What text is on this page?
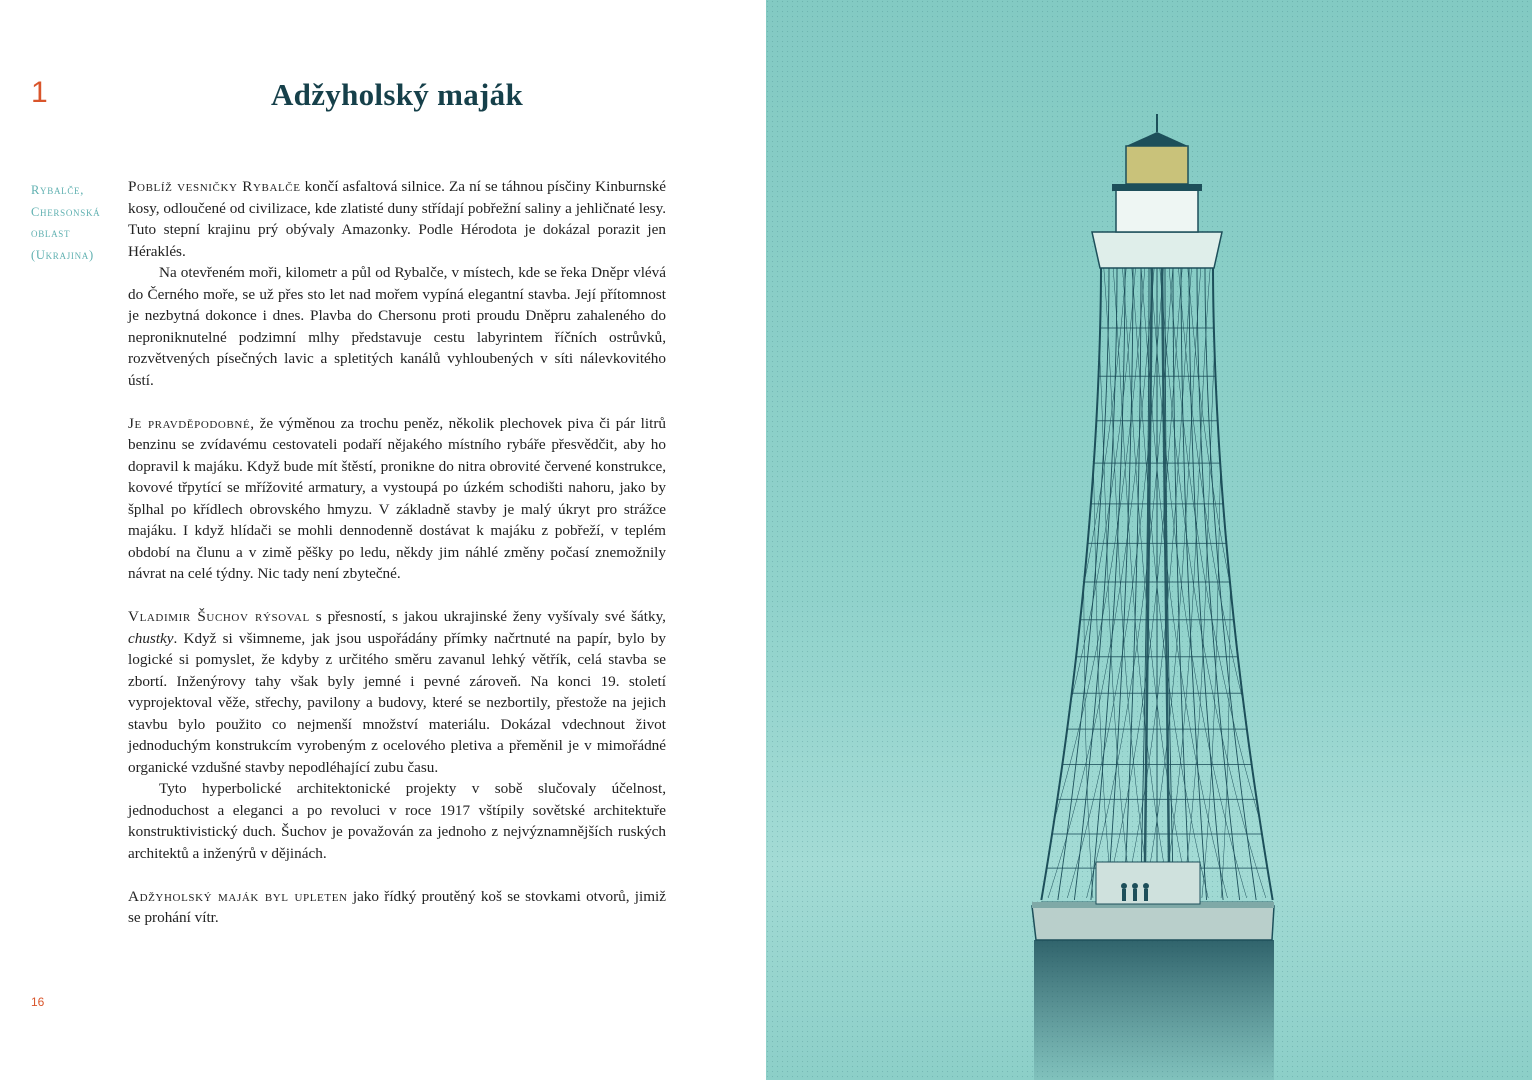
1	Adžyholský maják
Rybalče,
Chersonská
oblast
(Ukrajina)

Poblíž vesničky Rybalče končí asfaltová silnice. Za ní se táhnou písčiny Kinburnské kosy, odloučené od civilizace, kde zlatisté duny střídají pobřežní saliny a jehličnaté lesy. Tuto stepní krajinu prý obývaly Amazonky. Podle Hérodota je dokázal porazit jen Héraklés.

Na otevřeném moři, kilometr a půl od Rybalče, v místech, kde se řeka Dněpr vlévá do Černého moře, se už přes sto let nad mořem vypíná elegantní stavba. Její přítomnost je nezbytná dokonce i dnes. Plavba do Chersonu proti proudu Dněpru zahaleného do neproniknutelné podzimní mlhy představuje cestu labyrintem říčních ostrůvků, rozvětvených písečných lavic a spletitých kanálů vyhloubených v síti nálevkovitého ústí.

Je pravděpodobné, že výměnou za trochu peněz, několik plechovek piva či pár litrů benzinu se zvídavému cestovateli podaří nějakého místního rybáře přesvědčit, aby ho dopravil k majáku. Když bude mít štěstí, pronikne do nitra obrovité červené konstrukce, kovové třpytící se mřížovité armatury, a vystoupá po úzkém schodišti nahoru, jako by šplhal po křídlech obrovského hmyzu. V základně stavby je malý úkryt pro strážce majáku. I když hlídači se mohli dennodenně dostávat k majáku z pobřeží, v teplém období na člunu a v zimě pěšky po ledu, někdy jim náhlé změny počasí znemožnily návrat na celé týdny. Nic tady není zbytečné.

Vladimir Šuchov rýsoval s přesností, s jakou ukrajinské ženy vyšívaly své šátky, chustky. Když si všimneme, jak jsou uspořádány přímky načrtnuté na papír, bylo by logické si pomyslet, že kdyby z určitého směru zavanul lehký větřík, celá stavba se zbortí. Inženýrovy tahy však byly jemné i pevné zároveň. Na konci 19. století vyprojektoval věže, střechy, pavilony a budovy, které se nezbortily, přestože na jejich stavbu bylo použito co nejmenší množství materiálu. Dokázal vdechnout život jednoduchým konstrukcím vyrobeným z ocelového pletiva a přeměnil je v mimořádné organické vzdušné stavby nepodléhající zubu času.

Tyto hyperbolické architektonické projekty v sobě slučovaly účelnost, jednoduchost a eleganci a po revoluci v roce 1917 vštípily sovětské architektuře konstruktivistický duch. Šuchov je považován za jednoho z nejvýznamnějších ruských architektů a inženýrů v dějinách.

Adžyholský maják byl upleten jako řídký proutěný koš se stovkami otvorů, jimiž se prohání vítr.

16
